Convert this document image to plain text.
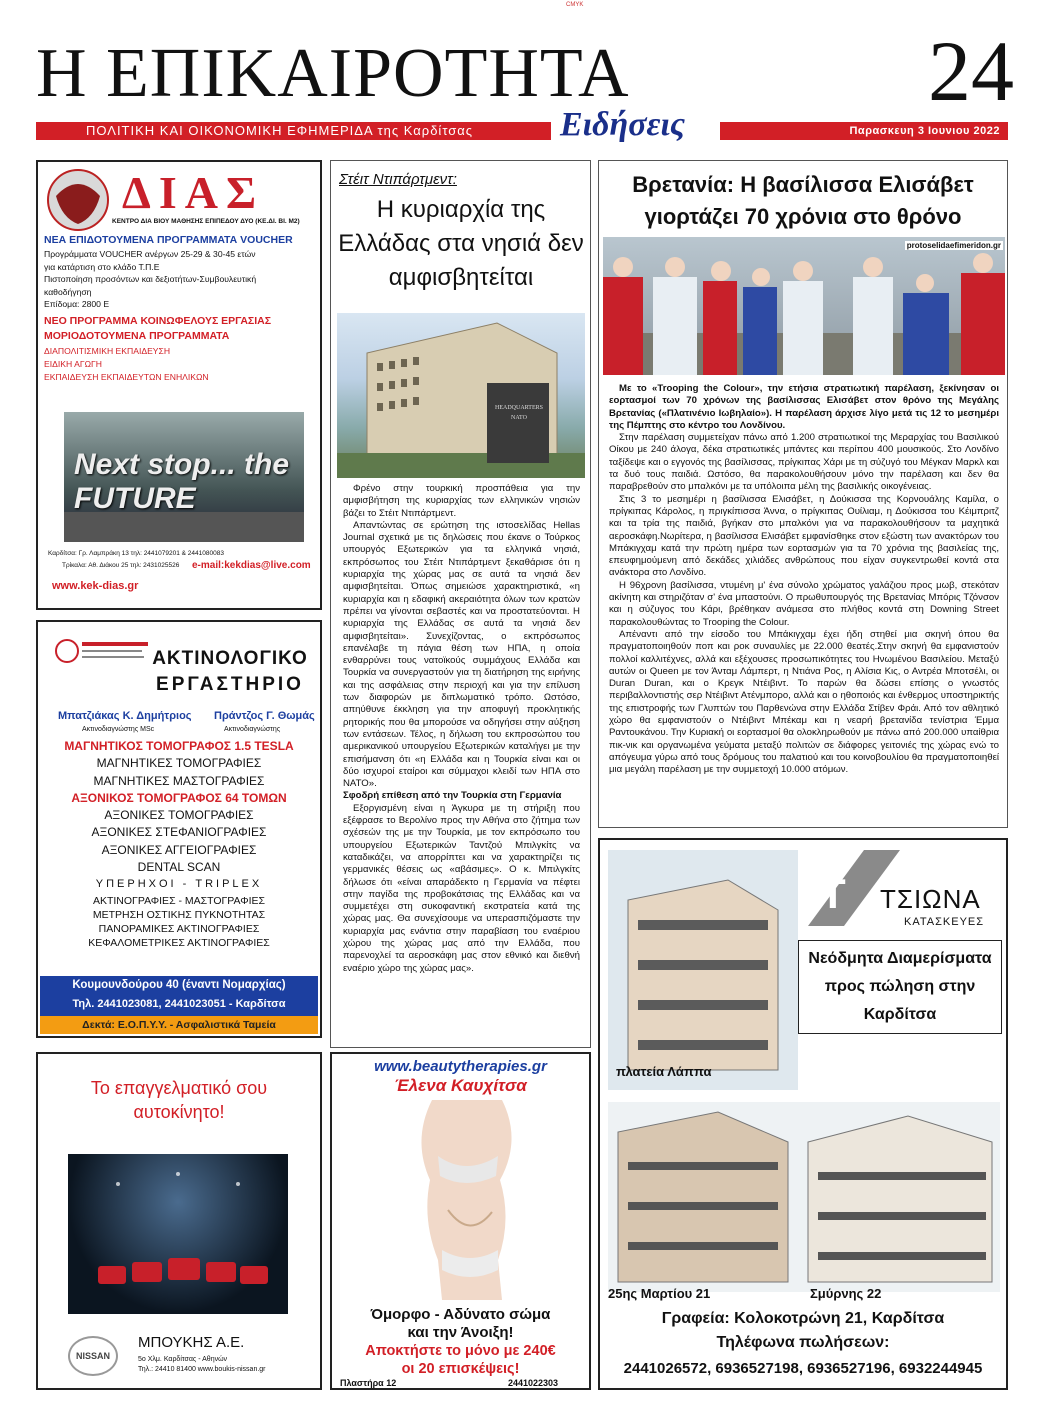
CMYK
Η ΕΠΙΚΑΙΡΟΤΗΤΑ	24
ΠΟΛΙΤΙΚΗ ΚΑΙ ΟΙΚΟΝΟΜΙΚΗ ΕΦΗΜΕΡΙΔΑ της Καρδίτσας	Ειδήσεις	Παρασκευη 3 Ιουνιου 2022
ΔΙΑΣ
ΚΕΝΤΡΟ ΔΙΑ ΒΙΟΥ ΜΑΘΗΣΗΣ ΕΠΙΠΕΔΟΥ ΔΥΟ (ΚΕ.ΔΙ. ΒΙ. Μ2)
ΝΕΑ ΕΠΙΔΟΤΟΥΜΕΝΑ ΠΡΟΓΡΑΜΜΑΤΑ VOUCHER
Προγράμματα VOUCHER ανέργων 25-29 & 30-45 ετών
για κατάρτιση στο κλάδο Τ.Π.Ε
Πιστοποίηση προσόντων και δεξιοτήτων-Συμβουλευτική
καθοδήγηση
Επίδομα: 2800 Ε
ΝΕΟ ΠΡΟΓΡΑΜΜΑ ΚΟΙΝΩΦΕΛΟΥΣ ΕΡΓΑΣΙΑΣ
ΜΟΡΙΟΔΟΤΟΥΜΕΝΑ ΠΡΟΓΡΑΜΜΑΤΑ
ΔΙΑΠΟΛΙΤΙΣΜΙΚΗ ΕΚΠΑΙΔΕΥΣΗ
ΕΙΔΙΚΗ ΑΓΩΓΗ
ΕΚΠΑΙΔΕΥΣΗ ΕΚΠΑΙΔΕΥΤΩΝ ΕΝΗΛΙΚΩΝ
Next stop... the FUTURE
Καρδίτσα: Γρ. Λαμπράκη 13 τηλ: 2441079201 & 2441080083
Τρίκαλα: Αθ. Διάκου 25 τηλ: 2431025526 e-mail:kekdias@live.com
www.kek-dias.gr
ΑΚΤΙΝΟΛΟΓΙΚΟ
ΕΡΓΑΣΤΗΡΙΟ
Μπατζιάκας Κ. Δημήτριος
Ακτινοδιαγνώστης MSc
Πράντζος Γ. Θωμάς
Ακτινοδιαγνώστης
ΜΑΓΝΗΤΙΚΟΣ ΤΟΜΟΓΡΑΦΟΣ 1.5 TESLA
ΜΑΓΝΗΤΙΚΕΣ ΤΟΜΟΓΡΑΦΙΕΣ
ΜΑΓΝΗΤΙΚΕΣ ΜΑΣΤΟΓΡΑΦΙΕΣ
ΑΞΟΝΙΚΟΣ ΤΟΜΟΓΡΑΦΟΣ 64 ΤΟΜΩΝ
ΑΞΟΝΙΚΕΣ ΤΟΜΟΓΡΑΦΙΕΣ
ΑΞΟΝΙΚΕΣ ΣΤΕΦΑΝΙΟΓΡΑΦΙΕΣ
ΑΞΟΝΙΚΕΣ ΑΓΓΕΙΟΓΡΑΦΙΕΣ
DENTAL SCAN
ΥΠΕΡΗΧΟΙ - TRIPLEX
ΑΚΤΙΝΟΓΡΑΦΙΕΣ - ΜΑΣΤΟΓΡΑΦΙΕΣ
ΜΕΤΡΗΣΗ ΟΣΤΙΚΗΣ ΠΥΚΝΟΤΗΤΑΣ
ΠΑΝΟΡΑΜΙΚΕΣ ΑΚΤΙΝΟΓΡΑΦΙΕΣ
ΚΕΦΑΛΟΜΕΤΡΙΚΕΣ ΑΚΤΙΝΟΓΡΑΦΙΕΣ
Κουμουνδούρου 40 (έναντι Νομαρχίας)
Τηλ. 2441023081, 2441023051 - Καρδίτσα
Δεκτά: Ε.Ο.Π.Υ.Υ. - Ασφαλιστικά Ταμεία
Το επαγγελματικό σου
αυτοκίνητο!
NISSAN
ΜΠΟΥΚΗΣ Α.Ε.
5ο Χλμ. Καρδίτσας - Αθηνών
Τηλ.: 24410 81400 www.boukis-nissan.gr
Στέιτ Ντιπάρτμεντ:
Η κυριαρχία της Ελλάδας στα νησιά δεν αμφισβητείται
HEADQUARTERS NATO

Φρένο στην τουρκική προσπάθεια για την αμφισβήτηση της κυριαρχίας των ελληνικών νησιών βάζει το Στέιτ Ντιπάρτμεντ.

Απαντώντας σε ερώτηση της ιστοσελίδας Hellas Journal σχετικά με τις δηλώσεις που έκανε ο Τούρκος υπουργός Εξωτερικών για τα ελληνικά νησιά, εκπρόσωπος του Στέιτ Ντιπάρτμεντ ξεκαθάρισε ότι η κυριαρχία της χώρας μας σε αυτά τα νησιά δεν αμφισβητείται. Όπως σημειώσε χαρακτηριστικά, «η κυριαρχία και η εδαφική ακεραιότητα όλων των κρατών πρέπει να γίνονται σεβαστές και να προστατεύονται. Η κυριαρχία της Ελλάδας σε αυτά τα νησιά δεν αμφισβητείται». Συνεχίζοντας, ο εκπρόσωπος επανέλαβε τη πάγια θέση των ΗΠΑ, η οποία ενθαρρύνει τους νατοϊκούς συμμάχους Ελλάδα και Τουρκία να συνεργαστούν για τη διατήρηση της ειρήνης και της ασφάλειας στην περιοχή και για την επίλυση των διαφορών με διπλωματικό τρόπο. Ωστόσο, απηύθυνε έκκληση για την αποφυγή προκλητικής ρητορικής που θα μπορούσε να οδηγήσει στην αύξηση των εντάσεων. Τέλος, η δήλωση του εκπροσώπου του αμερικανικού υπουργείου Εξωτερικών καταλήγει με την επισήμανση ότι «η Ελλάδα και η Τουρκία είναι και οι δύο ισχυροί εταίροι και σύμμαχοι κλειδί των ΗΠΑ στο ΝΑΤΟ».

Σφοδρή επίθεση από την Τουρκία στη Γερμανία

Εξοργισμένη είναι η Άγκυρα με τη στήριξη που εξέφρασε το Βερολίνο προς την Αθήνα στο ζήτημα των σχέσεών της με την Τουρκία, με τον εκπρόσωπο του υπουργείου Εξωτερικών Ταντζού Μπιλγκίτς να καταδικάζει, να απορρίπτει και να χαρακτηρίζει τις γερμανικές θέσεις ως «αβάσιμες». Ο κ. Μπιλγκίτς δήλωσε ότι «είναι απαράδεκτο η Γερμανία να πέφτει στην παγίδα της προβοκάτσιας της Ελλάδας και να συμμετέχει στη συκοφαντική εκστρατεία κατά της χώρας μας. Θα συνεχίσουμε να υπερασπιζόμαστε την κυριαρχία μας ενάντια στην παραβίαση του εναέριου χώρου της χώρας μας από την Ελλάδα, που παρενοχλεί τα αεροσκάφη μας στον εθνικό και διεθνή εναέριο χώρο της χώρας μας».

www.beautytherapies.gr
Έλενα Καυχίτσα
Όμορφο - Αδύνατο σώμα
και την Άνοιξη!
Αποκτήστε το μόνο με 240€
οι 20 επισκέψεις!
Πλαστήρα 12	2441022303
Βρετανία: Η βασίλισσα Ελισάβετ γιορτάζει 70 χρόνια στο θρόνο
protoselidaefimeridon.gr

Με το «Trooping the Colour», την ετήσια στρατιωτική παρέλαση, ξεκίνησαν οι εορτασμοί των 70 χρόνων της βασίλισσας Ελισάβετ στον θρόνο της Μεγάλης Βρετανίας («Πλατινένιο Ιωβηλαίο»). Η παρέλαση άρχισε λίγο μετά τις 12 το μεσημέρι της Πέμπτης στο κέντρο του Λονδίνου.

Στην παρέλαση συμμετείχαν πάνω από 1.200 στρατιωτικοί της Μεραρχίας του Βασιλικού Οίκου με 240 άλογα, δέκα στρατιωτικές μπάντες και περίπου 400 μουσικούς. Στο Λονδίνο ταξίδεψε και ο εγγονός της βασίλισσας, πρίγκιπας Χάρι με τη σύζυγό του Μέγκαν Μαρκλ και τα δυό τους παιδιά. Ωστόσο, θα παρακολουθήσουν μόνο την παρέλαση και δεν θα παραβρεθούν στο μπαλκόνι με τα υπόλοιπα μέλη της βασιλικής οικογένειας.

Στις 3 το μεσημέρι η βασίλισσα Ελισάβετ, η Δούκισσα της Κορνουάλης Καμίλα, ο πρίγκιπας Κάρολος, η πριγκίπισσα Άννα, ο πρίγκιπας Ουίλιαμ, η Δούκισσα του Κέιμπριτζ και τα τρία της παιδιά, βγήκαν στο μπαλκόνι για να παρακολουθήσουν τα μαχητικά αεροσκάφη.Νωρίτερα, η βασίλισσα Ελισάβετ εμφανίσθηκε στον εξώστη των ανακτόρων του Μπάκιγχαμ κατά την πρώτη ημέρα των εορτασμών για τα 70 χρόνια της βασιλείας της, επευφημούμενη από δεκάδες χιλιάδες ανθρώπους που είχαν συγκεντρωθεί κοντά στα ανάκτορα στο Λονδίνο.

Η 96χρονη βασίλισσα, ντυμένη μ' ένα σύνολο χρώματος γαλάζιου προς μωβ, στεκόταν ακίνητη και στηριζόταν σ' ένα μπαστούνι. Ο πρωθυπουργός της Βρετανίας Μπόρις Τζόνσον και η σύζυγος του Κάρι, βρέθηκαν ανάμεσα στο πλήθος κοντά στη Downing Street παρακολουθώντας το Trooping the Colour.

Απέναντι από την είσοδο του Μπάκιγχαμ έχει ήδη στηθεί μια σκηνή όπου θα πραγματοποιηθούν ποπ και ροκ συναυλίες με 22.000 θεατές.Στην σκηνή θα εμφανιστούν πολλοί καλλιτέχνες, αλλά και εξέχουσες προσωπικότητες του Ηνωμένου Βασιλείου. Μεταξύ αυτών οι Queen με τον Άνταμ Λάμπερτ, η Ντιάνα Ρος, η Αλίσια Κις, ο Αντρέα Μποτσέλι, οι Duran Duran, και ο Κρεγκ Ντέιβιντ. Το παρών θα δώσει επίσης ο γνωστός περιβαλλοντιστής σερ Ντέιβιντ Ατένμπορο, αλλά και ο ηθοποιός και ένθερμος υποστηρικτής της επιστροφής των Γλυπτών του Παρθενώνα στην Ελλάδα Στίβεν Φράι. Από τον αθλητικό χώρο θα εμφανιστούν ο Ντέιβιντ Μπέκαμ και η νεαρή βρετανίδα τενίστρια Έμμα Ραντουκάνου. Την Κυριακή οι εορτασμοί θα ολοκληρωθούν με πάνω από 200.000 υπαίθρια πικ-νικ και οργανωμένα γεύματα μεταξύ πολιτών σε διάφορες γειτονιές της χώρας ενώ το απόγευμα γύρω από τους δρόμους του παλατιού και του κοινοβουλίου θα πραγματοποιηθεί μια μεγάλη παρέλαση με την συμμετοχή 10.000 ατόμων.

πλατεία Λάππα
Τ ΤΣΙΩΝΑ
ΚΑΤΑΣΚΕΥΕΣ
Νεόδμητα Διαμερίσματα
προς πώληση στην
Καρδίτσα
25ης Μαρτίου 21	Σμύρνης 22
Γραφεία: Κολοκοτρώνη 21, Καρδίτσα
Τηλέφωνα πωλήσεων:
2441026572, 6936527198, 6936527196, 6932244945
